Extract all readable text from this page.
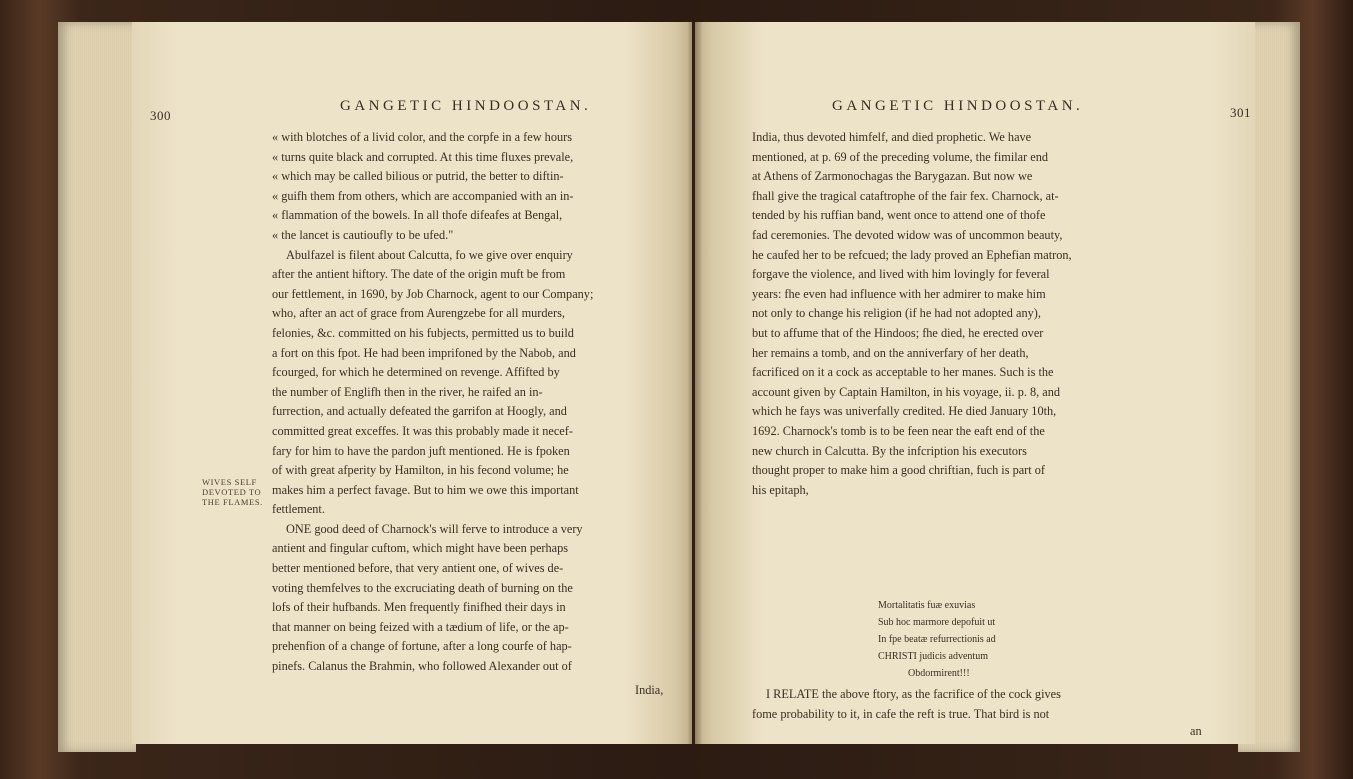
300
GANGETIC HINDOOSTAN.
« with blotches of a livid color, and the corpfe in a few hours
« turns quite black and corrupted. At this time fluxes prevale,
« which may be called bilious or putrid, the better to diftin-
« guifh them from others, which are accompanied with an in-
« flammation of the bowels. In all thofe difeafes at Bengal,
« the lancet is cautioufly to be ufed."
Abulfazel is filent about Calcutta, fo we give over enquiry
after the antient hiftory. The date of the origin muft be from
our fettlement, in 1690, by Job Charnock, agent to our Company;
who, after an act of grace from Aurengzebe for all murders,
felonies, &c. committed on his fubjects, permitted us to build
a fort on this fpot. He had been imprifoned by the Nabob, and
fcourged, for which he determined on revenge. Affifted by
the number of Englifh then in the river, he raifed an in-
furrection, and actually defeated the garrifon at Hoogly, and
committed great exceffes. It was this probably made it necef-
fary for him to have the pardon juft mentioned. He is fpoken
of with great afperity by Hamilton, in his fecond volume; he
makes him a perfect favage. But to him we owe this important
fettlement.
ONE good deed of Charnock's will ferve to introduce a very
antient and fingular cuftom, which might have been perhaps
better mentioned before, that very antient one, of wives de-
voting themfelves to the excruciating death of burning on the
lofs of their hufbands. Men frequently finifhed their days in
that manner on being feized with a tædium of life, or the ap-
prehenfion of a change of fortune, after a long courfe of hap-
pinefs. Calanus the Brahmin, who followed Alexander out of
WIVES SELF
DEVOTED TO
THE FLAMES.
India,
GANGETIC HINDOOSTAN.	301
India, thus devoted himfelf, and died prophetic. We have
mentioned, at p. 69 of the preceding volume, the fimilar end
at Athens of Zarmonochagas the Barygazan. But now we
fhall give the tragical cataftrophe of the fair fex. Charnock, at-
tended by his ruffian band, went once to attend one of thofe
fad ceremonies. The devoted widow was of uncommon beauty,
he caufed her to be refcued; the lady proved an Ephefian matron,
forgave the violence, and lived with him lovingly for feveral
years: fhe even had influence with her admirer to make him
not only to change his religion (if he had not adopted any),
but to affume that of the Hindoos; fhe died, he erected over
her remains a tomb, and on the anniverfary of her death,
facrificed on it a cock as acceptable to her manes. Such is the
account given by Captain Hamilton, in his voyage, ii. p. 8, and
which he fays was univerfally credited. He died January 10th,
1692. Charnock's tomb is to be feen near the eaft end of the
new church in Calcutta. By the infcription his executors
thought proper to make him a good chriftian, fuch is part of
his epitaph,
Mortalitatis fuæ exuvias
Sub hoc marmore depofuit ut
In fpe beatæ refurrectionis ad
CHRISTI judicis adventum
Obdormirent!!!
I RELATE the above ftory, as the facrifice of the cock gives
fome probability to it, in cafe the reft is true. That bird is not
an
